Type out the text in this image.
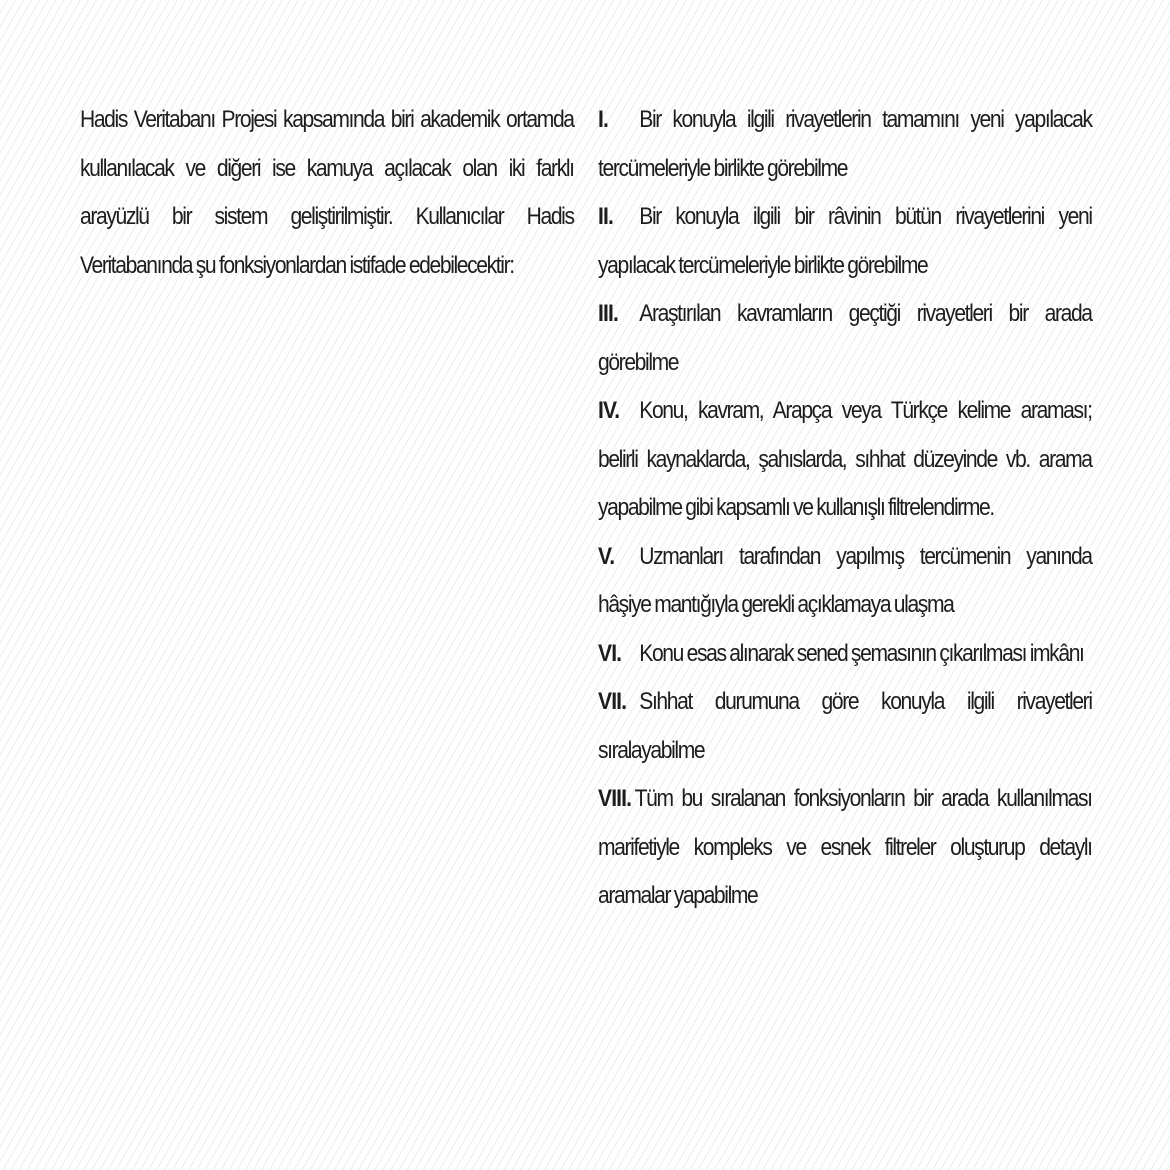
Hadis Veritabanı Projesi kapsamında biri akademik ortamda kullanılacak ve diğeri ise kamuya açılacak olan iki farklı arayüzlü bir sistem geliştirilmiştir. Kullanıcılar Hadis Veritabanında şu fonksiyonlardan istifade edebilecektir:

I. Bir konuyla ilgili rivayetlerin tamamını yeni yapılacak tercümeleriyle birlikte görebilme
II. Bir konuyla ilgili bir râvinin bütün rivayetlerini yeni yapılacak tercümeleriyle birlikte görebilme
III. Araştırılan kavramların geçtiği rivayetleri bir arada görebilme
IV. Konu, kavram, Arapça veya Türkçe kelime araması; belirli kaynaklarda, şahıslarda, sıhhat düzeyinde vb. arama yapabilme gibi kapsamlı ve kullanışlı filtrelendirme.
V. Uzmanları tarafından yapılmış tercümenin yanında hâşiye mantığıyla gerekli açıklamaya ulaşma
VI. Konu esas alınarak sened şemasının çıkarılması imkânı
VII. Sıhhat durumuna göre konuyla ilgili rivayetleri sıralayabilme
VIII. Tüm bu sıralanan fonksiyonların bir arada kullanılması marifetiyle kompleks ve esnek filtreler oluşturup detaylı aramalar yapabilme
